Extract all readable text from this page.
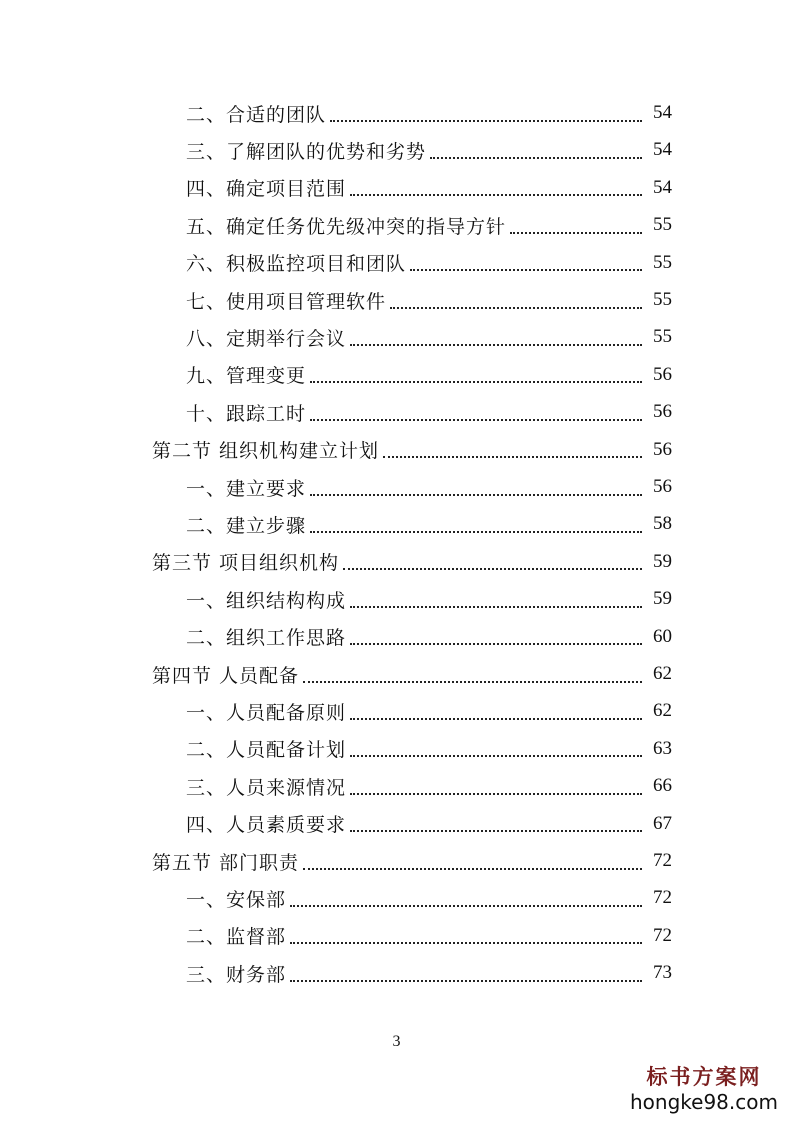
二、合适的团队	54
三、了解团队的优势和劣势	54
四、确定项目范围	54
五、确定任务优先级冲突的指导方针	55
六、积极监控项目和团队	55
七、使用项目管理软件	55
八、定期举行会议	55
九、管理变更	56
十、跟踪工时	56
第二节 组织机构建立计划	56
一、建立要求	56
二、建立步骤	58
第三节 项目组织机构	59
一、组织结构构成	59
二、组织工作思路	60
第四节 人员配备	62
一、人员配备原则	62
二、人员配备计划	63
三、人员来源情况	66
四、人员素质要求	67
第五节 部门职责	72
一、安保部	72
二、监督部	72
三、财务部	73
3
标书方案网
hongke98.com
